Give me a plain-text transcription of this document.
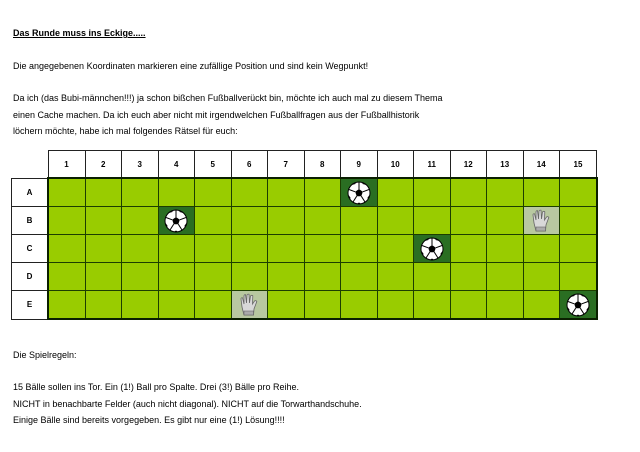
Das Runde muss ins Eckige.....
Die angegebenen Koordinaten markieren eine zufällige Position und sind kein Wegpunkt!
Da ich (das Bubi-männchen!!!) ja schon bißchen Fußballverückt bin, möchte ich auch mal zu diesem Thema
einen Cache machen. Da ich euch aber nicht mit irgendwelchen Fußballfragen aus der Fußballhistorik
löchern möchte, habe ich mal folgendes Rätsel für euch:
	1	2	3	4	5	6	7	8	9	10	11	12	13	14	15
A									

B				

C											

D															
E						

Die Spielregeln:
15 Bälle sollen ins Tor. Ein (1!) Ball pro Spalte. Drei (3!) Bälle pro Reihe.
NICHT in benachbarte Felder (auch nicht diagonal). NICHT auf die Torwarthandschuhe.
Einige Bälle sind bereits vorgegeben. Es gibt nur eine (1!) Lösung!!!!
